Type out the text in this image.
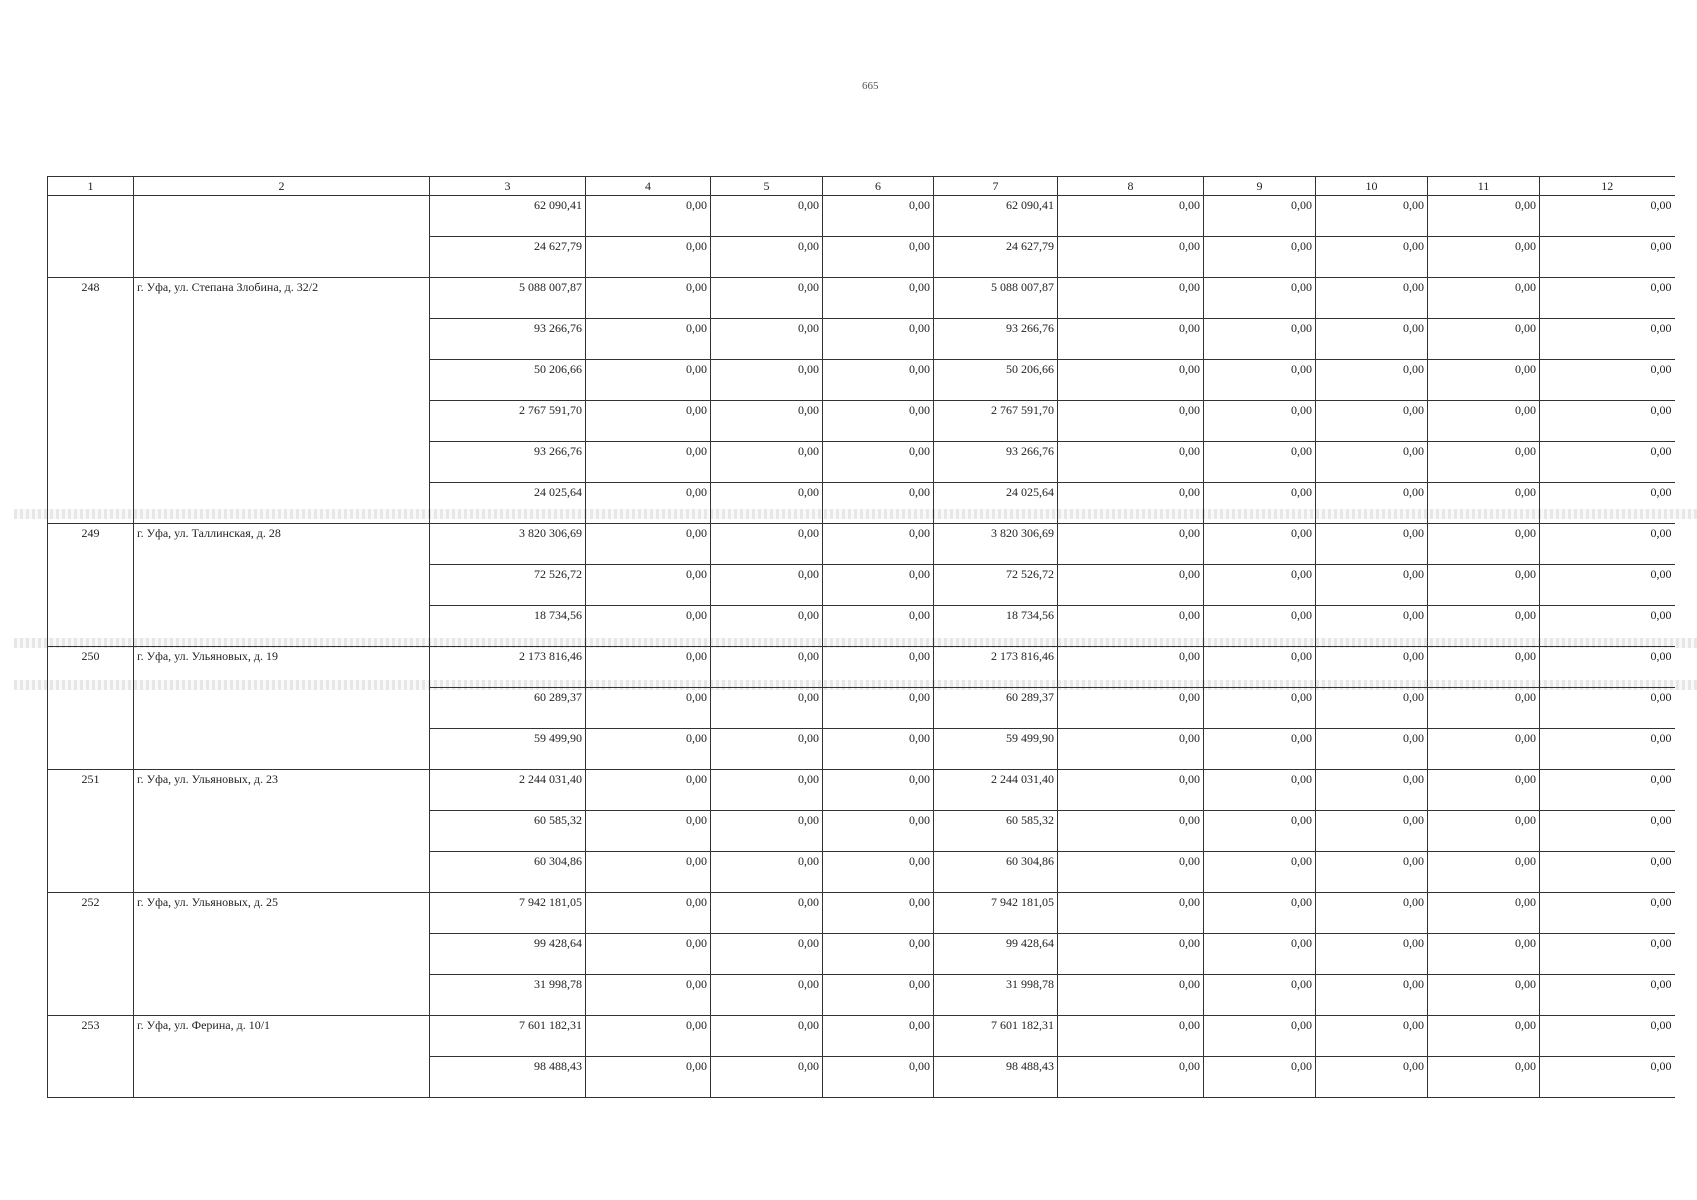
665
1	2	3	4	5	6	7	8	9	10	11	12
		62 090,41	0,00	0,00	0,00	62 090,41	0,00	0,00	0,00	0,00	0,00
		24 627,79	0,00	0,00	0,00	24 627,79	0,00	0,00	0,00	0,00	0,00
248	г. Уфа, ул. Степана Злобина, д. 32/2	5 088 007,87	0,00	0,00	0,00	5 088 007,87	0,00	0,00	0,00	0,00	0,00
		93 266,76	0,00	0,00	0,00	93 266,76	0,00	0,00	0,00	0,00	0,00
		50 206,66	0,00	0,00	0,00	50 206,66	0,00	0,00	0,00	0,00	0,00
		2 767 591,70	0,00	0,00	0,00	2 767 591,70	0,00	0,00	0,00	0,00	0,00
		93 266,76	0,00	0,00	0,00	93 266,76	0,00	0,00	0,00	0,00	0,00
		24 025,64	0,00	0,00	0,00	24 025,64	0,00	0,00	0,00	0,00	0,00
249	г. Уфа, ул. Таллинская, д. 28	3 820 306,69	0,00	0,00	0,00	3 820 306,69	0,00	0,00	0,00	0,00	0,00
		72 526,72	0,00	0,00	0,00	72 526,72	0,00	0,00	0,00	0,00	0,00
		18 734,56	0,00	0,00	0,00	18 734,56	0,00	0,00	0,00	0,00	0,00
250	г. Уфа, ул. Ульяновых, д. 19	2 173 816,46	0,00	0,00	0,00	2 173 816,46	0,00	0,00	0,00	0,00	0,00
		60 289,37	0,00	0,00	0,00	60 289,37	0,00	0,00	0,00	0,00	0,00
		59 499,90	0,00	0,00	0,00	59 499,90	0,00	0,00	0,00	0,00	0,00
251	г. Уфа, ул. Ульяновых, д. 23	2 244 031,40	0,00	0,00	0,00	2 244 031,40	0,00	0,00	0,00	0,00	0,00
		60 585,32	0,00	0,00	0,00	60 585,32	0,00	0,00	0,00	0,00	0,00
		60 304,86	0,00	0,00	0,00	60 304,86	0,00	0,00	0,00	0,00	0,00
252	г. Уфа, ул. Ульяновых, д. 25	7 942 181,05	0,00	0,00	0,00	7 942 181,05	0,00	0,00	0,00	0,00	0,00
		99 428,64	0,00	0,00	0,00	99 428,64	0,00	0,00	0,00	0,00	0,00
		31 998,78	0,00	0,00	0,00	31 998,78	0,00	0,00	0,00	0,00	0,00
253	г. Уфа, ул. Ферина, д. 10/1	7 601 182,31	0,00	0,00	0,00	7 601 182,31	0,00	0,00	0,00	0,00	0,00
		98 488,43	0,00	0,00	0,00	98 488,43	0,00	0,00	0,00	0,00	0,00
